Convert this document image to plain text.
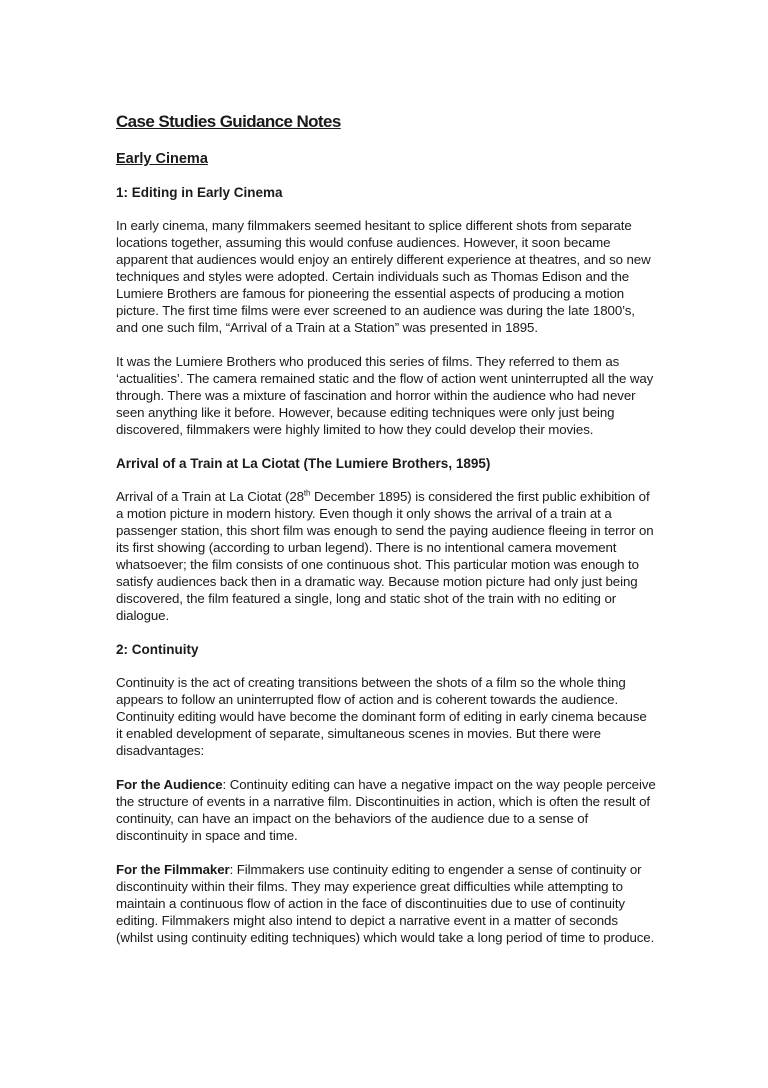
Case Studies Guidance Notes
Early Cinema
1: Editing in Early Cinema

In early cinema, many filmmakers seemed hesitant to splice different shots from separate locations together, assuming this would confuse audiences. However, it soon became apparent that audiences would enjoy an entirely different experience at theatres, and so new techniques and styles were adopted. Certain individuals such as Thomas Edison and the Lumiere Brothers are famous for pioneering the essential aspects of producing a motion picture. The first time films were ever screened to an audience was during the late 1800’s, and one such film, “Arrival of a Train at a Station” was presented in 1895.

It was the Lumiere Brothers who produced this series of films. They referred to them as ‘actualities’. The camera remained static and the flow of action went uninterrupted all the way through. There was a mixture of fascination and horror within the audience who had never seen anything like it before. However, because editing techniques were only just being discovered, filmmakers were highly limited to how they could develop their movies.

Arrival of a Train at La Ciotat (The Lumiere Brothers, 1895)

Arrival of a Train at La Ciotat (28th December 1895) is considered the first public exhibition of a motion picture in modern history. Even though it only shows the arrival of a train at a passenger station, this short film was enough to send the paying audience fleeing in terror on its first showing (according to urban legend). There is no intentional camera movement whatsoever; the film consists of one continuous shot. This particular motion was enough to satisfy audiences back then in a dramatic way. Because motion picture had only just being discovered, the film featured a single, long and static shot of the train with no editing or dialogue.

2: Continuity

Continuity is the act of creating transitions between the shots of a film so the whole thing appears to follow an uninterrupted flow of action and is coherent towards the audience. Continuity editing would have become the dominant form of editing in early cinema because it enabled development of separate, simultaneous scenes in movies. But there were disadvantages:

For the Audience: Continuity editing can have a negative impact on the way people perceive the structure of events in a narrative film. Discontinuities in action, which is often the result of continuity, can have an impact on the behaviors of the audience due to a sense of discontinuity in space and time.

For the Filmmaker: Filmmakers use continuity editing to engender a sense of continuity or discontinuity within their films. They may experience great difficulties while attempting to maintain a continuous flow of action in the face of discontinuities due to use of continuity editing. Filmmakers might also intend to depict a narrative event in a matter of seconds (whilst using continuity editing techniques) which would take a long period of time to produce.
